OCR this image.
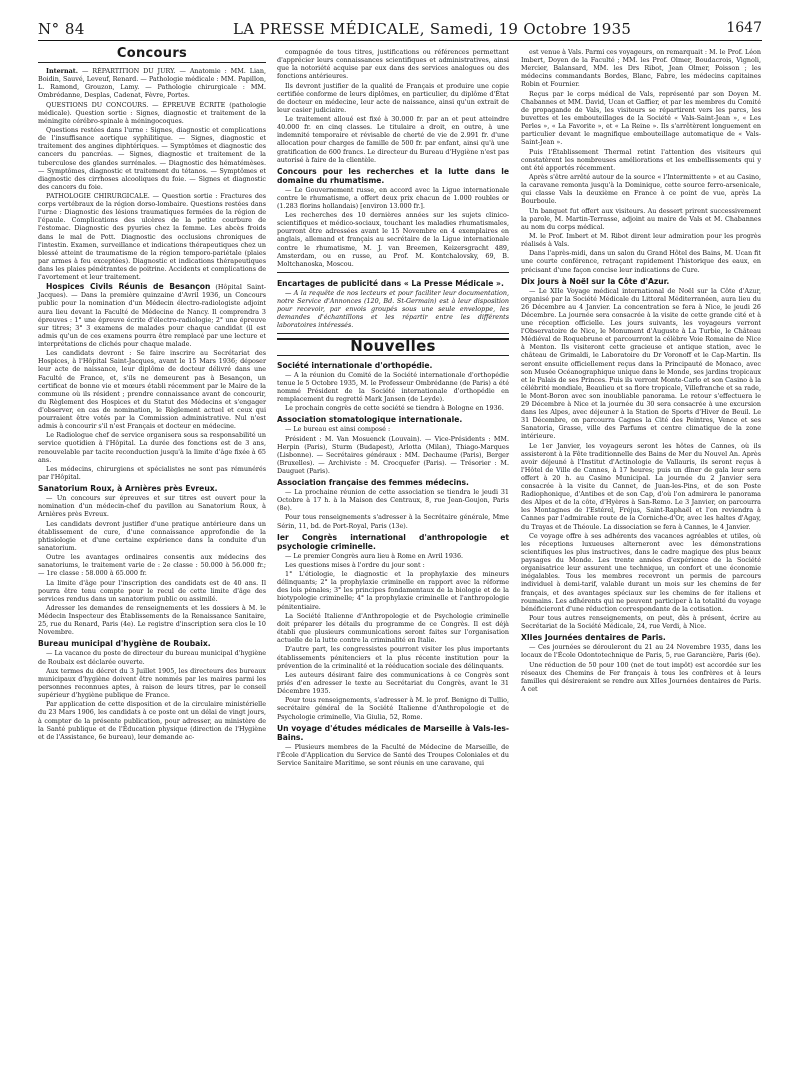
N° 84	LA PRESSE MÉDICALE, Samedi, 19 Octobre 1935	1647
Concours

Internat. — RÉPARTITION DU JURY. — Anatomie : MM. Lian, Boidin, Sauvé, Leveuf, Renard. — Pathologie médicale : MM. Papillon, L. Ramond, Grouzon, Lamy. — Pathologie chirurgicale : MM. Ombrédanne, Desplas, Cadenat, Fèvre, Portes.

QUESTIONS DU CONCOURS. — ÉPREUVE ÉCRITE (pathologie médicale). Question sortie : Signes, diagnostic et traitement de la méningite cérébro-spinale à méningocoques.

Questions restées dans l'urne : Signes, diagnostic et complications de l'insuffisance aortique syphilitique. — Signes, diagnostic et traitement des angines diphtériques. — Symptômes et diagnostic des cancers du pancréas. — Signes, diagnostic et traitement de la tuberculose des glandes surrénales. — Diagnostic des hématémèses. — Symptômes, diagnostic et traitement du tétanos. — Symptômes et diagnostic des cirrhoses alcooliques du foie. — Signes et diagnostic des cancers du foie.

PATHOLOGIE CHIRURGICALE. — Question sortie : Fractures des corps vertébraux de la région dorso-lombaire. Questions restées dans l'urne : Diagnostic des lésions traumatiques fermées de la région de l'épaule. Complications des ulcères de la petite courbure de l'estomac. Diagnostic des pyuries chez la femme. Les abcès froids dans le mal de Pott. Diagnostic des occlusions chroniques de l'intestin. Examen, surveillance et indications thérapeutiques chez un blessé atteint de traumatisme de la région temporo-pariétale (plaies par armes à feu exceptées). Diagnostic et indications thérapeutiques dans les plaies pénétrantes de poitrine. Accidents et complications de l'avortement et leur traitement.

Hospices Civils Réunis de Besançon (Hôpital Saint-Jacques). — Dans la première quinzaine d'Avril 1936, un Concours public pour la nomination d'un Médecin électro-radiologiste adjoint aura lieu devant la Faculté de Médecine de Nancy. Il comprendra 3 épreuves : 1° une épreuve écrite d'électro-radiologie; 2° une épreuve sur titres; 3° 3 examens de malades pour chaque candidat (il est admis qu'un de ces examens pourra être remplacé par une lecture et interprétations de clichés pour chaque malade.

Les candidats devront : Se faire inscrire au Secrétariat des Hospices, à l'Hôpital Saint-Jacques, avant le 15 Mars 1936; déposer leur acte de naissance, leur diplôme de docteur délivré dans une Faculté de France, et, s'ils ne demeurent pas à Besançon, un certificat de bonne vie et mœurs établi récemment par le Maire de la commune où ils résident ; prendre connaissance avant de concourir, du Règlement des Hospices et du Statut des Médecins et s'engager d'observer, en cas de nomination, le Règlement actuel et ceux qui pourraient être votés par la Commission administrative. Nul n'est admis à concourir s'il n'est Français et docteur en médecine.

Le Radiologue chef de service organisera sous sa responsabilité un service quotidien à l'Hôpital. La durée des fonctions est de 3 ans, renouvelable par tacite reconduction jusqu'à la limite d'âge fixée à 65 ans.

Les médecins, chirurgiens et spécialistes ne sont pas rémunérés par l'Hôpital.

Sanatorium Roux, à Arnières près Evreux.

— Un concours sur épreuves et sur titres est ouvert pour la nomination d'un médecin-chef du pavillon au Sanatorium Roux, à Arnières près Evreux.

Les candidats devront justifier d'une pratique antérieure dans un établissement de cure, d'une connaissance approfondie de la phtisiologie et d'une certaine expérience dans la conduite d'un sanatorium.

Outre les avantages ordinaires consentis aux médecins des sanatoriums, le traitement varie de : 2e classe : 50.000 à 56.000 fr.; — 1re classe : 58.000 à 65.000 fr.

La limite d'âge pour l'inscription des candidats est de 40 ans. Il pourra être tenu compte pour le recul de cette limite d'âge des services rendus dans un sanatorium public ou assimilé.

Adresser les demandes de renseignements et les dossiers à M. le Médecin Inspecteur des Établissements de la Renaissance Sanitaire, 25, rue du Renard, Paris (4e). Le registre d'inscription sera clos le 10 Novembre.

Bureau municipal d'hygiène de Roubaix.

— La vacance du poste de directeur du bureau municipal d'hygiène de Roubaix est déclarée ouverte.

Aux termes du décret du 3 Juillet 1905, les directeurs des bureaux municipaux d'hygiène doivent être nommés par les maires parmi les personnes reconnues aptes, à raison de leurs titres, par le conseil supérieur d'hygiène publique de France.

Par application de cette disposition et de la circulaire ministérielle du 23 Mars 1906, les candidats à ce poste ont un délai de vingt jours, à compter de la présente publication, pour adresser, au ministère de la Santé publique et de l'Éducation physique (direction de l'Hygiène et de l'Assistance, 6e bureau), leur demande ac-

compagnée de tous titres, justifications ou références permettant d'apprécier leurs connaissances scientifiques et administratives, ainsi que la notoriété acquise par eux dans des services analogues ou des fonctions antérieures.

Ils devront justifier de la qualité de Français et produire une copie certifiée conforme de leurs diplômes, en particulier, du diplôme d'État de docteur en médecine, leur acte de naissance, ainsi qu'un extrait de leur casier judiciaire.

Le traitement alloué est fixé à 30.000 fr. par an et peut atteindre 40.000 fr. en cinq classes. Le titulaire a droit, en outre, à une indemnité temporaire et révisable de cherté de vie de 2.991 fr. d'une allocation pour charges de famille de 500 fr. par enfant, ainsi qu'à une gratification de 600 francs. Le directeur du Bureau d'Hygiène n'est pas autorisé à faire de la clientèle.

Concours pour les recherches et la lutte dans le domaine du rhumatisme.

— Le Gouvernement russe, en accord avec la Ligue internationale contre le rhumatisme, a offert deux prix chacun de 1.000 roubles or (1.283 florins hollandais) [environ 13.000 fr.].

Les recherches des 10 dernières années sur les sujets clinico-scientifiques et médico-sociaux, touchant les maladies rhumatismales, pourront être adressées avant le 15 Novembre en 4 exemplaires en anglais, allemand et français au secrétaire de la Ligue internationale contre le rhumatisme, M. J. van Breemen, Keizersgracht 489, Amsterdam, ou en russe, au Prof. M. Kontchalovsky, 69, B. Moltchanoska, Moscou.

Encartages de publicité dans « La Presse Médicale ».

— A la requête de nos lecteurs et pour faciliter leur documentation, notre Service d'Annonces (120, Bd. St-Germain) est à leur disposition pour recevoir, par envois groupés sous une seule enveloppe, les demandes d'échantillons et les répartir entre les différents laboratoires intéressés.

Nouvelles
Société internationale d'orthopédie.

— A la réunion du Comité de la Société internationale d'orthopédie tenue le 5 Octobre 1935, M. le Professeur Ombrédanne (de Paris) a été nommé Président de la Société internationale d'orthopédie en remplacement du regretté Mark Jansen (de Leyde).

Le prochain congrès de cette société se tiendra à Bologne en 1936.

Association stomatologique internationale.

— Le bureau est ainsi composé :

Président : M. Van Mosuenck (Louvain). — Vice-Présidents : MM. Herpin (Paris), Sturm (Budapest), Arlotta (Milan), Thiago-Marques (Lisbonne). — Secrétaires généraux : MM. Dechaume (Paris), Berger (Bruxelles). — Archiviste : M. Crocquefer (Paris). — Trésorier : M. Dauguet (Paris).

Association française des femmes médecins.

— La prochaine réunion de cette association se tiendra le jeudi 31 Octobre à 17 h. à la Maison des Centraux, 8, rue Jean-Goujon, Paris (8e).

Pour tous renseignements s'adresser à la Secrétaire générale, Mme Sérin, 11, bd. de Port-Royal, Paris (13e).

Ier Congrès international d'anthropologie et psychologie criminelle.

— Le premier Congrès aura lieu à Rome en Avril 1936.

Les questions mises à l'ordre du jour sont :

1° L'étiologie, le diagnostic et la prophylaxie des mineurs délinquants; 2° la prophylaxie criminelle en rapport avec la réforme des lois pénales; 3° les principes fondamentaux de la biologie et de la biotypologie criminelle; 4° la prophylaxie criminelle et l'anthropologie pénitentiaire.

La Société Italienne d'Anthropologie et de Psychologie criminelle doit préparer les détails du programme de ce Congrès. Il est déjà établi que plusieurs communications seront faites sur l'organisation actuelle de la lutte contre la criminalité en Italie.

D'autre part, les congressistes pourront visiter les plus importants établissements pénitenciers et la plus récente institution pour la prévention de la criminalité et la rééducation sociale des délinquants.

Les auteurs désirant faire des communications à ce Congrès sont priés d'en adresser le texte au Secrétariat du Congrès, avant le 31 Décembre 1935.

Pour tous renseignements, s'adresser à M. le prof. Benigno di Tullio, secrétaire général de la Société Italienne d'Anthropologie et de Psychologie criminelle, Via Giulia, 52, Rome.

Un voyage d'études médicales de Marseille à Vals-les-Bains.

— Plusieurs membres de la Faculté de Médecine de Marseille, de l'École d'Application du Service de Santé des Troupes Coloniales et du Service Sanitaire Maritime, se sont réunis en une caravane, qui

est venue à Vals. Parmi ces voyageurs, on remarquait : M. le Prof. Léon Imbert, Doyen de la Faculté ; MM. les Prof. Olmer, Boudacrois, Vignoli, Mercier, Balansard, MM. les Drs Ribot, Jean Olmer, Poisson ; les médecins commandants Bordes, Blanc, Fabre, les médecins capitaines Robin et Fournier.

Reçus par le corps médical de Vals, représenté par son Doyen M. Chabannes et MM. David, Ucan et Gaffier, et par les membres du Comité de propagande de Vals, les visiteurs se répartirent vers les parcs, les buvettes et les embouteillages de la Société « Vals-Saint-Jean », « Les Perles », « La Favorite », et « La Reine ». Ils s'arrêtèrent longuement en particulier devant le magnifique embouteillage automatique de « Vals-Saint-Jean ».

Puis l'Établissement Thermal retint l'attention des visiteurs qui constatèrent les nombreuses améliorations et les embellissements qui y ont été apportés récemment.

Après s'être arrêté autour de la source « l'Intermittente » et au Casino, la caravane remonta jusqu'à la Dominique, cette source ferro-arsenicale, qui classe Vals la deuxième en France à ce point de vue, après La Bourboule.

Un banquet fut offert aux visiteurs. Au dessert prirent successivement la parole, M. Martin-Terrasse, adjoint au maire de Vals et M. Chabannes au nom du corps médical.

M. le Prof. Imbert et M. Ribot dirent leur admiration pour les progrès réalisés à Vals.

Dans l'après-midi, dans un salon du Grand Hôtel des Bains, M. Ucan fit une courte conférence, retraçant rapidement l'historique des eaux, en précisant d'une façon concise leur indications de Cure.

Dix jours à Noël sur la Côte d'Azur.

— Le XIIe Voyage médical international de Noël sur la Côte d'Azur, organisé par la Société Médicale du Littoral Méditerranéen, aura lieu du 26 Décembre au 4 Janvier. La concentration se fera à Nice, le jeudi 26 Décembre. La journée sera consacrée à la visite de cette grande cité et à une réception officielle. Les jours suivants, les voyageurs verront l'Observatoire de Nice, le Monument d'Auguste à La Turbie, le Château Médiéval de Roquebrune et parcourront la célèbre Voie Romaine de Nice à Menton. Ils visiteront cette gracieuse et antique station, avec le château de Grimaldi, le Laboratoire du Dr Voronoff et le Cap-Martin. Ils seront ensuite officiellement reçus dans la Principauté de Monaco, avec son Musée Océanographique unique dans le Monde, ses jardins tropicaux et le Palais de ses Princes. Puis ils verront Monte-Carlo et son Casino à la célébrité mondiale, Beaulieu et sa flore tropicale, Villefranche et sa rade, le Mont-Boron avec son inoubliable panorama. Le retour s'effectuera le 29 Décembre à Nice et la journée du 30 sera consacrée à une excursion dans les Alpes, avec déjeuner à la Station de Sports d'Hiver de Beuil. Le 31 Décembre, on parcourra Cagnes la Cité des Peintres, Vence et ses Sanatoria, Grasse, ville des Parfums et centre climatique de la zone intérieure.

Le 1er Janvier, les voyageurs seront les hôtes de Cannes, où ils assisteront à la Fête traditionnelle des Bains de Mer du Nouvel An. Après avoir déjeuné à l'Institut d'Actinologie de Vallauris, ils seront reçus à l'Hôtel de Ville de Cannes, à 17 heures; puis un dîner de gala leur sera offert à 20 h. au Casino Municipal. La journée du 2 Janvier sera consacrée à la visite du Cannet, de Juan-les-Pins, et de son Poste Radiophonique, d'Antibes et de son Cap, d'où l'on admirera le panorama des Alpes et de la côte, d'Hyères à San-Remo. Le 3 Janvier, on parcourra les Montagnes de l'Estérel, Fréjus, Saint-Raphaël et l'on reviendra à Cannes par l'admirable route de la Corniche-d'Or, avec les haltes d'Agay, du Trayas et de Théoule. La dissociation se fera à Cannes, le 4 Janvier.

Ce voyage offre à ses adhérents des vacances agréables et utiles, où les réceptions luxueuses alterneront avec les démonstrations scientifiques les plus instructives, dans le cadre magique des plus beaux paysages du Monde. Les trente années d'expérience de la Société organisatrice leur assurent une technique, un confort et une économie inégalables. Tous les membres recevront un permis de parcours individuel à demi-tarif, valable durant un mois sur les chemins de fer français, et des avantages spéciaux sur les chemins de fer italiens et roumains. Les adhérents qui ne peuvent participer à la totalité du voyage bénéficieront d'une réduction correspondante de la cotisation.

Pour tous autres renseignements, on peut, dès à présent, écrire au Secrétariat de la Société Médicale, 24, rue Verdi, à Nice.

XIIes Journées dentaires de Paris.

— Ces journées se dérouleront du 21 au 24 Novembre 1935, dans les locaux de l'École Odontotechnique de Paris, 5, rue Garancière, Paris (6e).

Une réduction de 50 pour 100 (net de tout impôt) est accordée sur les réseaux des Chemins de Fer français à tous les confrères et à leurs familles qui désireraient se rendre aux XIIes Journées dentaires de Paris. A cet
